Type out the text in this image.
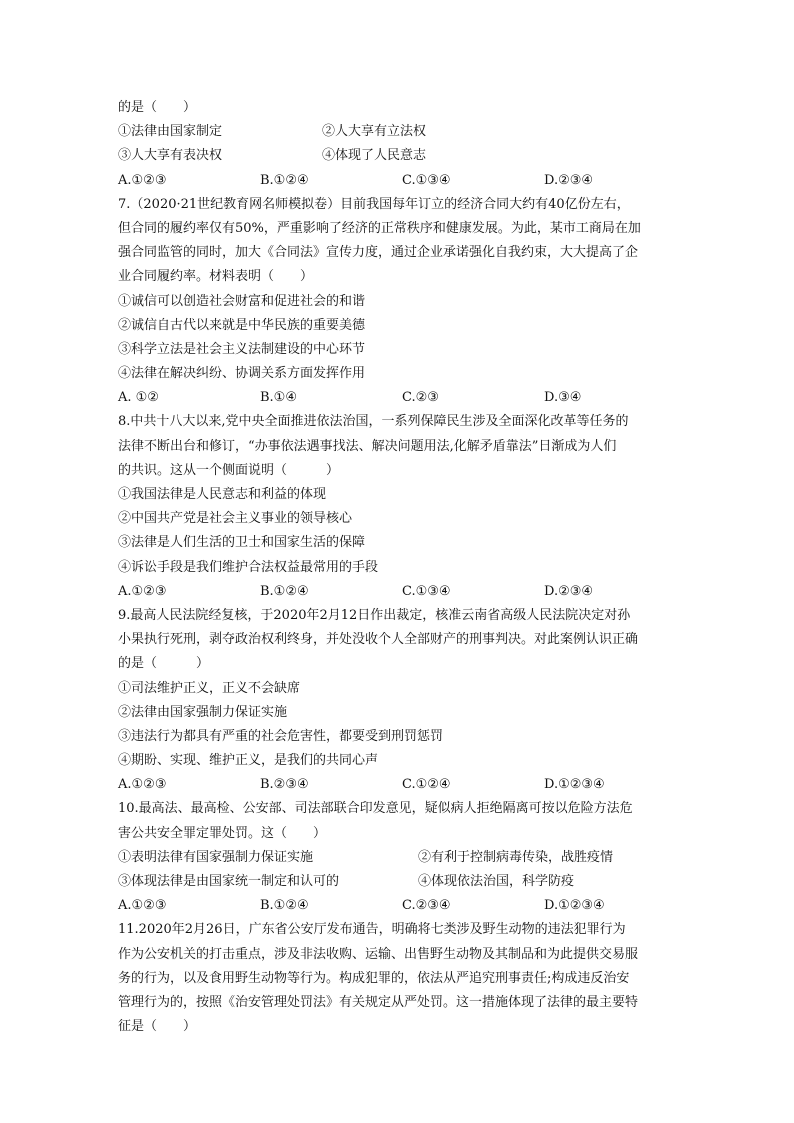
的是（　　）
①法律由国家制定	②人大享有立法权
③人大享有表决权	④体现了人民意志
A.①②③	B.①②④	C.①③④	D.②③④
7.（2020·21世纪教育网名师模拟卷）目前我国每年订立的经济合同大约有40亿份左右，
但合同的履约率仅有50%，严重影响了经济的正常秩序和健康发展。为此，某市工商局在加
强合同监管的同时，加大《合同法》宣传力度，通过企业承诺强化自我约束，大大提高了企
业合同履约率。材料表明（　　）
①诚信可以创造社会财富和促进社会的和谐
②诚信自古代以来就是中华民族的重要美德
③科学立法是社会主义法制建设的中心环节
④法律在解决纠纷、协调关系方面发挥作用
A. ①②	B.①④	C.②③	D.③④
8.中共十八大以来,党中央全面推进依法治国，一系列保障民生涉及全面深化改革等任务的
法律不断出台和修订，“办事依法遇事找法、解决问题用法,化解矛盾靠法”日渐成为人们
的共识。这从一个侧面说明（　　　）
①我国法律是人民意志和利益的体现
②中国共产党是社会主义事业的领导核心
③法律是人们生活的卫士和国家生活的保障
④诉讼手段是我们维护合法权益最常用的手段
A.①②③	B.①②④	C.①③④	D.②③④
9.最高人民法院经复核，于2020年2月12日作出裁定，核准云南省高级人民法院决定对孙
小果执行死刑，剥夺政治权利终身，并处没收个人全部财产的刑事判决。对此案例认识正确
的是（　　　）
①司法维护正义，正义不会缺席
②法律由国家强制力保证实施
③违法行为都具有严重的社会危害性，都要受到刑罚惩罚
④期盼、实现、维护正义，是我们的共同心声
A.①②③	B.②③④	C.①②④	D.①②③④
10.最高法、最高检、公安部、司法部联合印发意见，疑似病人拒绝隔离可按以危险方法危
害公共安全罪定罪处罚。这（　　）
①表明法律有国家强制力保证实施	②有利于控制病毒传染，战胜疫情
③体现法律是由国家统一制定和认可的	④体现依法治国，科学防疫
A.①②③	B.①②④	C.②③④	D.①②③④
11.2020年2月26日，广东省公安厅发布通告，明确将七类涉及野生动物的违法犯罪行为
作为公安机关的打击重点，涉及非法收购、运输、出售野生动物及其制品和为此提供交易服
务的行为，以及食用野生动物等行为。构成犯罪的，依法从严追究刑事责任;构成违反治安
管理行为的，按照《治安管理处罚法》有关规定从严处罚。这一措施体现了法律的最主要特
征是（　　）
